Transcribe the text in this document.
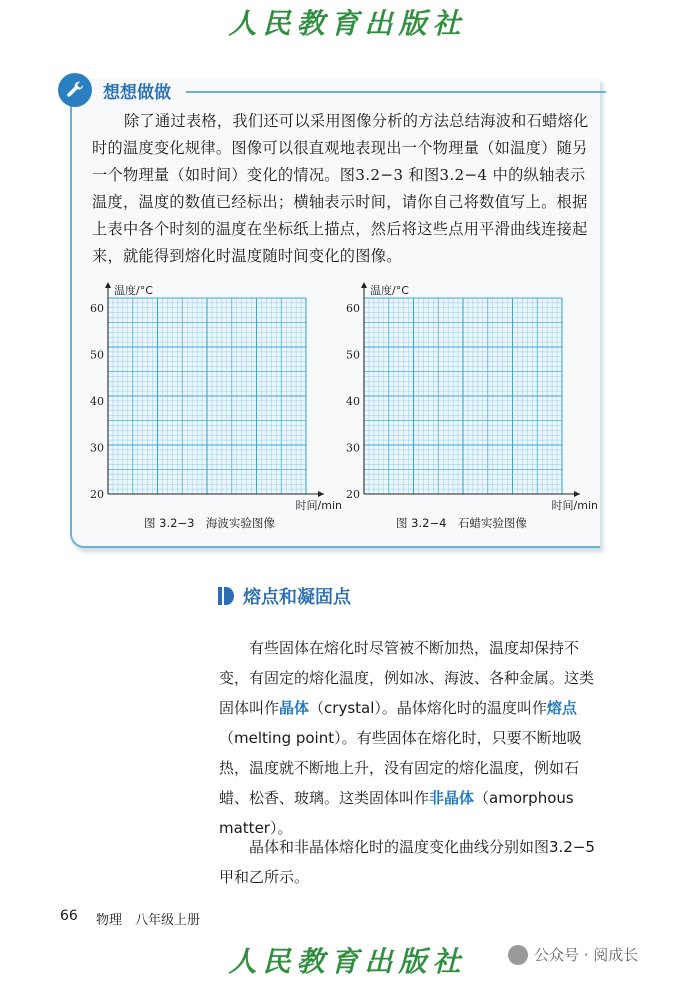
人民教育出版社
想想做做

除了通过表格，我们还可以采用图像分析的方法总结海波和石蜡熔化时的温度变化规律。图像可以很直观地表现出一个物理量（如温度）随另一个物理量（如时间）变化的情况。图3.2−3 和图3.2−4 中的纵轴表示温度，温度的数值已经标出；横轴表示时间，请你自己将数值写上。根据上表中各个时刻的温度在坐标纸上描点，然后将这些点用平滑曲线连接起来，就能得到熔化时温度随时间变化的图像。

60
50
40
30
20
温度/°C
时间/min
60
50
40
30
20
温度/°C
时间/min
图 3.2−3　海波实验图像	图 3.2−4　石蜡实验图像
熔点和凝固点

有些固体在熔化时尽管被不断加热，温度却保持不变，有固定的熔化温度，例如冰、海波、各种金属。这类固体叫作晶体（crystal）。晶体熔化时的温度叫作熔点（melting point）。有些固体在熔化时，只要不断地吸热，温度就不断地上升，没有固定的熔化温度，例如石蜡、松香、玻璃。这类固体叫作非晶体（amorphous matter）。

晶体和非晶体熔化时的温度变化曲线分别如图3.2−5 甲和乙所示。

66 物理　八年级上册
人民教育出版社	公众号 · 阅成长
